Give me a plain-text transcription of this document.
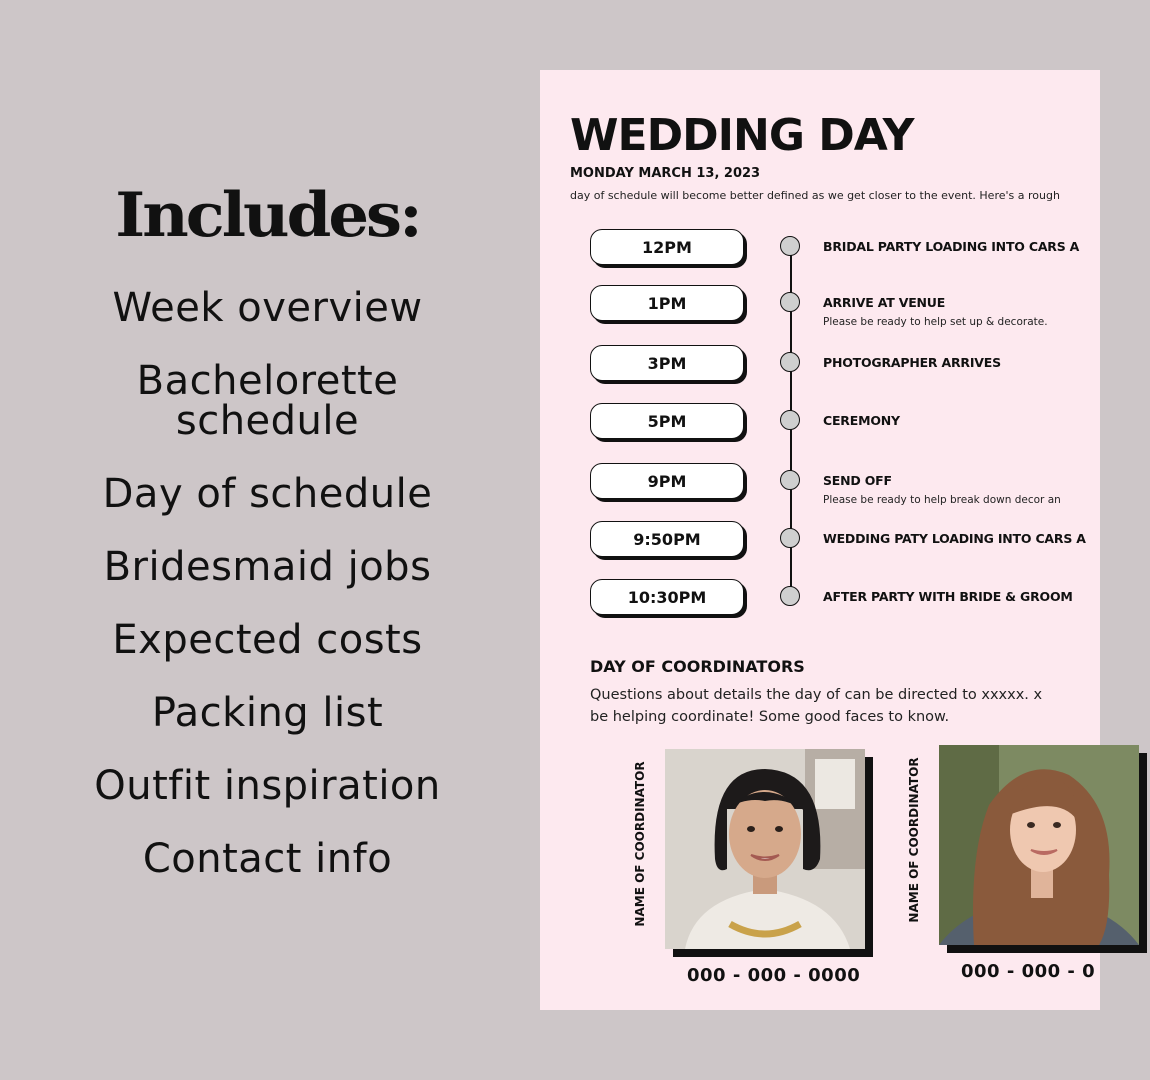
Includes:
Week overview
Bachelorette
schedule
Day of schedule
Bridesmaid jobs
Expected costs
Packing list
Outfit inspiration
Contact info
WEDDING DAY
MONDAY MARCH 13, 2023
day of schedule will become better defined as we get closer to the event. Here's a rough
12PM	BRIDAL PARTY LOADING INTO CARS A
1PM	ARRIVE AT VENUE
Please be ready to help set up & decorate.
3PM	PHOTOGRAPHER ARRIVES
5PM	CEREMONY
9PM	SEND OFF
Please be ready to help break down decor an
9:50PM	WEDDING PATY LOADING INTO CARS A
10:30PM	AFTER PARTY WITH BRIDE & GROOM
DAY OF COORDINATORS
Questions about details the day of can be directed to xxxxx. x
be helping coordinate! Some good faces to know.
NAME OF COORDINATOR
000 - 000 - 0000
NAME OF COORDINATOR
000 - 000 - 0
